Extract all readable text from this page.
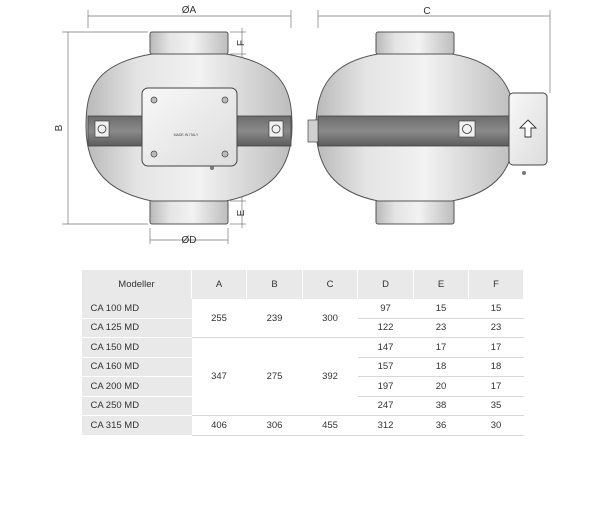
MADE IN ITALY
ØA
B
ØD
F
E
C
Modeller	A	B	C	D	E	F
CA 100 MD	255	239	300	97	15	15
CA 125 MD				122	23	23
CA 150 MD	347	275	392	147	17	17
CA 160 MD				157	18	18
CA 200 MD				197	20	17
CA 250 MD				247	38	35
CA 315 MD	406	306	455	312	36	30
